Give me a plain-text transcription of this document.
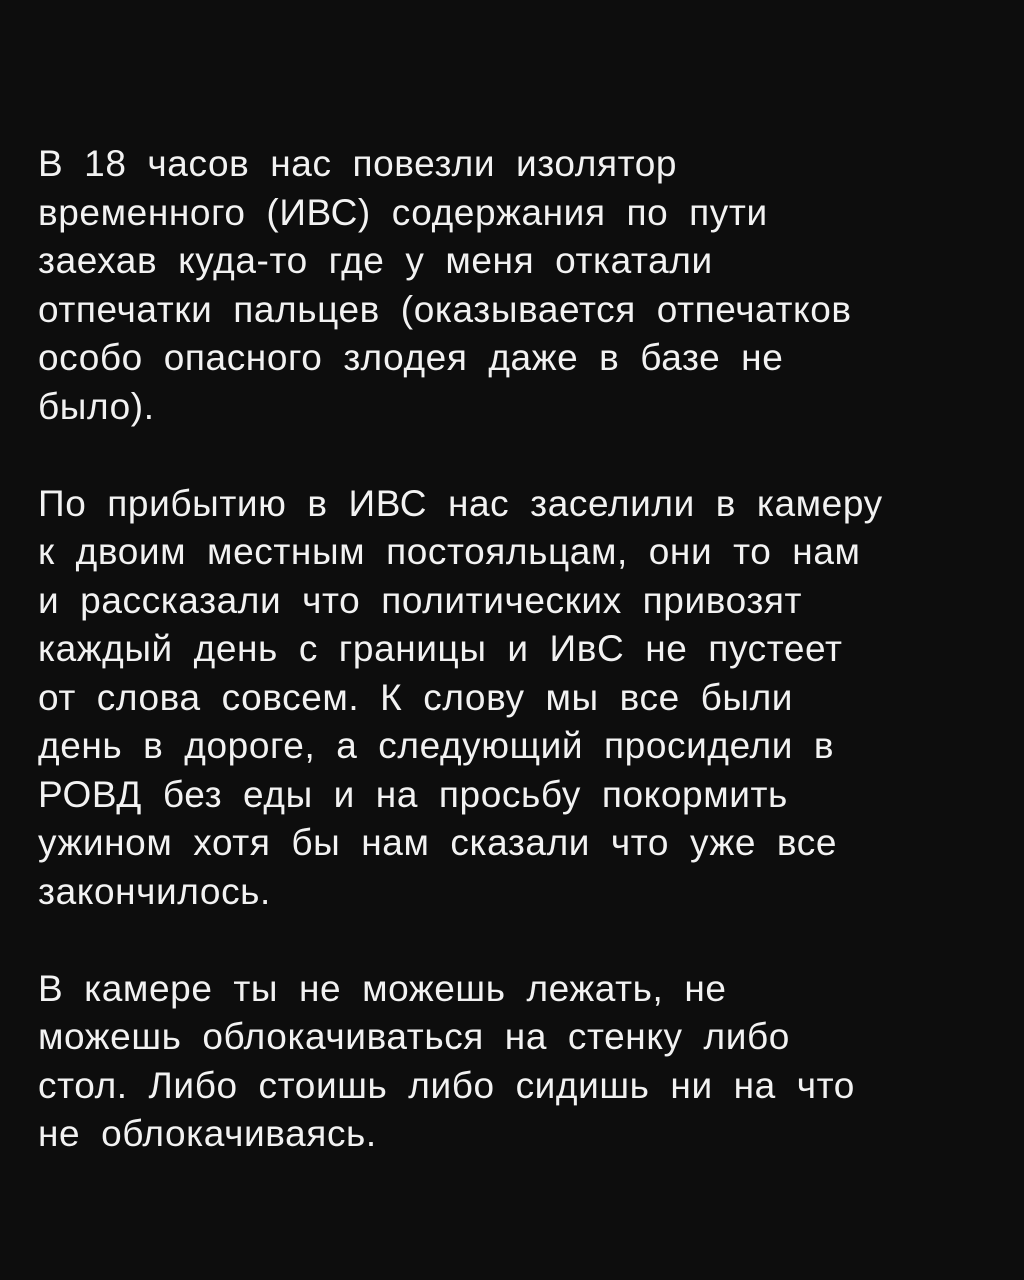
В 18 часов нас повезли изолятор
временного (ИВС) содержания по пути
заехав куда-то где у меня откатали
отпечатки пальцев (оказывается отпечатков
особо опасного злодея даже в базе не
было).

По прибытию в ИВС нас заселили в камеру
к двоим местным постояльцам, они то нам
и рассказали что политических привозят
каждый день с границы и ИвС не пустеет
от слова совсем. К слову мы все были
день в дороге, а следующий просидели в
РОВД без еды и на просьбу покормить
ужином хотя бы нам сказали что уже все
закончилось.

В камере ты не можешь лежать, не
можешь облокачиваться на стенку либо
стол. Либо стоишь либо сидишь ни на что
не облокачиваясь.
